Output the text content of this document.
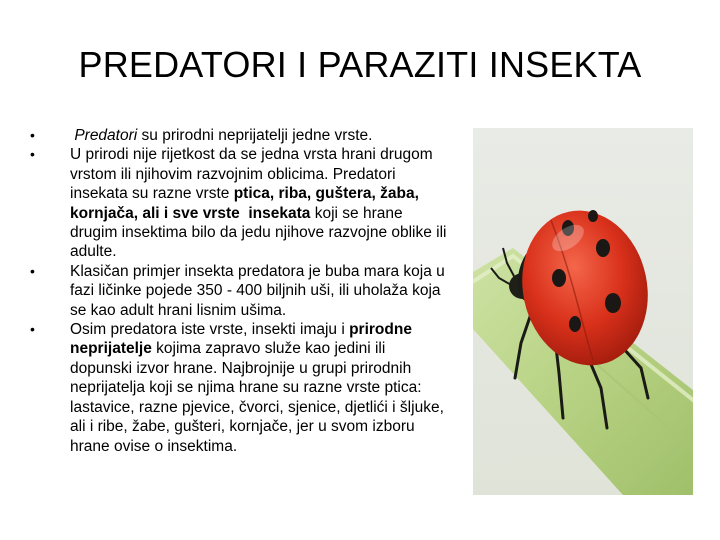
PREDATORI I PARAZITI INSEKTA
•	Predatori su prirodni neprijatelji jedne vrste.
•	U prirodi nije rijetkost da se jedna vrsta hrani drugom vrstom ili njihovim razvojnim oblicima. Predatori insekata su razne vrste ptica, riba, guštera, žaba, kornjača, ali i sve vrste  insekata koji se hrane drugim insektima bilo da jedu njihove razvojne oblike ili adulte.
•	Klasičan primjer insekta predatora je buba mara koja u fazi ličinke pojede 350 - 400 biljnih uši, ili uholaža koja se kao adult hrani lisnim ušima.
•	Osim predatora iste vrste, insekti imaju i prirodne neprijatelje kojima zapravo služe kao jedini ili dopunski izvor hrane. Najbrojnije u grupi prirodnih neprijatelja koji se njima hrane su razne vrste ptica: lastavice, razne pjevice, čvorci, sjenice, djetlići i šljuke, ali i ribe, žabe, gušteri, kornjače, jer u svom izboru hrane ovise o insektima.
